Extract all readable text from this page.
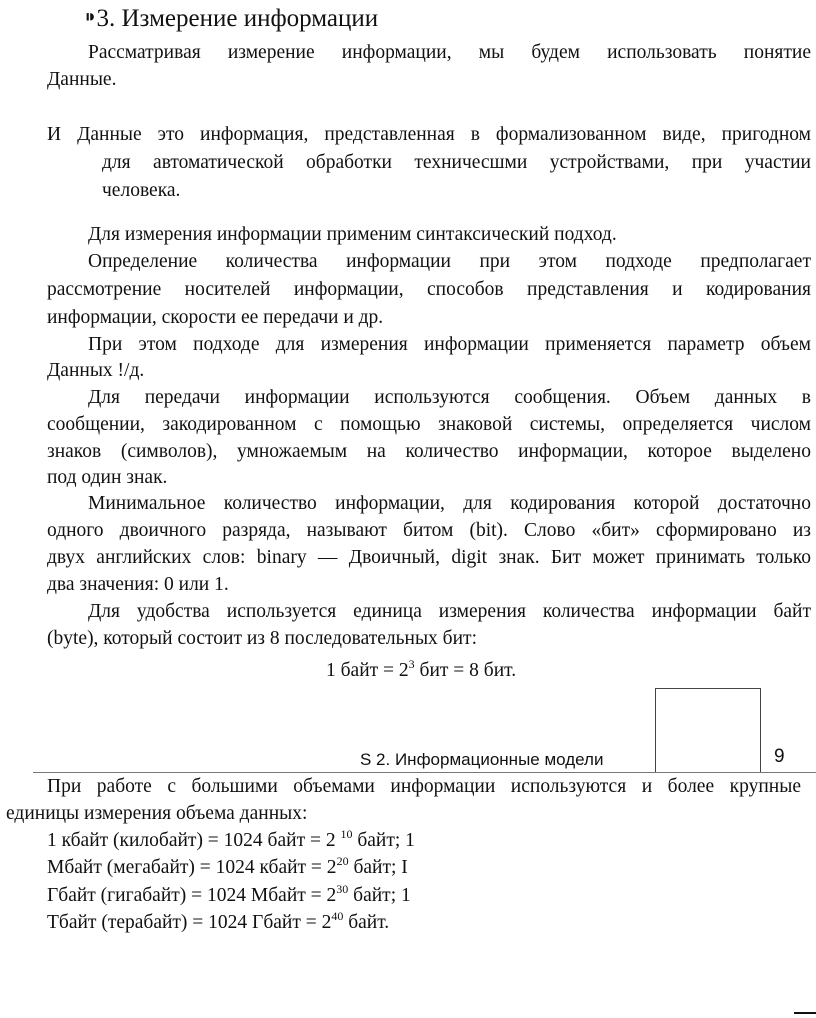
⁍3. Измерение информации
Рассматривая измерение информации, мы будем использовать понятие
Данные.
И Данные это информация, представленная в формализованном виде, пригодном
для автоматической обработки техничесшми устройствами, при участии
человека.
Для измерения информации применим синтаксический подход.
Определение количества информации при этом подходе предполагает
рассмотрение носителей информации, способов представления и кодирования
информации, скорости ее передачи и др.
При этом подходе для измерения информации применяется параметр объем
Данных !/д.
Для передачи информации используются сообщения. Объем данных в
сообщении, закодированном с помощью знаковой системы, определяется числом
знаков (символов), умножаемым на количество информации, которое выделено
под один знак.
Минимальное количество информации, для кодирования которой достаточно
одного двоичного разряда, называют битом (bit). Слово «бит» сформировано из
двух английских слов: binary — Двоичный, digit знак. Бит может принимать только
два значения: 0 или 1.
Для удобства используется единица измерения количества информации байт
(byte), который состоит из 8 последовательных бит:
1 байт = $2^3$ бит = 8 бит.
S 2. Информационные модели	9
При работе с большими объемами информации используются и более крупные
единицы измерения объема данных:
1 кбайт (килобайт) = 1024 байт = 2 $^{10}$ байт; 1
Мбайт (мегабайт) = 1024 кбайт = $2^{20}$ байт; I
Гбайт (гигабайт) = 1024 Мбайт = $2^{30}$ байт; 1
Тбайт (терабайт) = 1024 Гбайт = $2^{40}$ байт.
